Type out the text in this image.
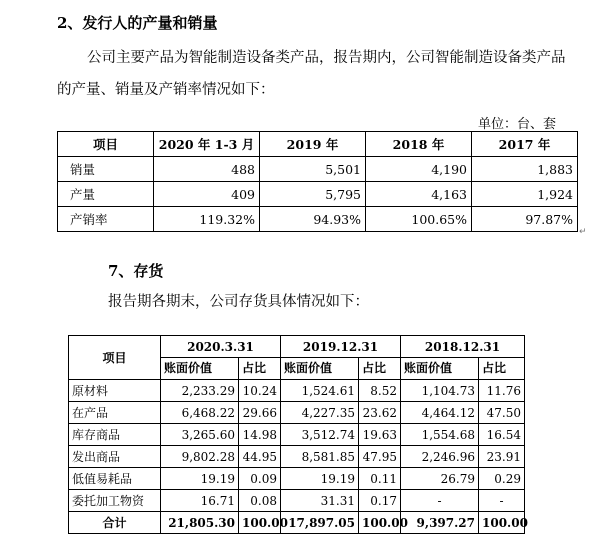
2、发行人的产量和销量
公司主要产品为智能制造设备类产品，报告期内，公司智能制造设备类产品
的产量、销量及产销率情况如下：
单位：台、套
项目	2020 年 1-3 月	2019 年	2018 年	2017 年
销量	488	5,501	4,190	1,883
产量	409	5,795	4,163	1,924
产销率	119.32%	94.93%	100.65%	97.87%
↵
7、存货
报告期各期末，公司存货具体情况如下：
项目	2020.3.31		2019.12.31		2018.12.31	
	账面价值	占比	账面价值	占比	账面价值	占比
原材料	2,233.29	10.24	1,524.61	8.52	1,104.73	11.76
在产品	6,468.22	29.66	4,227.35	23.62	4,464.12	47.50
库存商品	3,265.60	14.98	3,512.74	19.63	1,554.68	16.54
发出商品	9,802.28	44.95	8,581.85	47.95	2,246.96	23.91
低值易耗品	19.19	0.09	19.19	0.11	26.79	0.29
委托加工物资	16.71	0.08	31.31	0.17	-	-
合计	21,805.30	100.00	17,897.05	100.00	9,397.27	100.00
